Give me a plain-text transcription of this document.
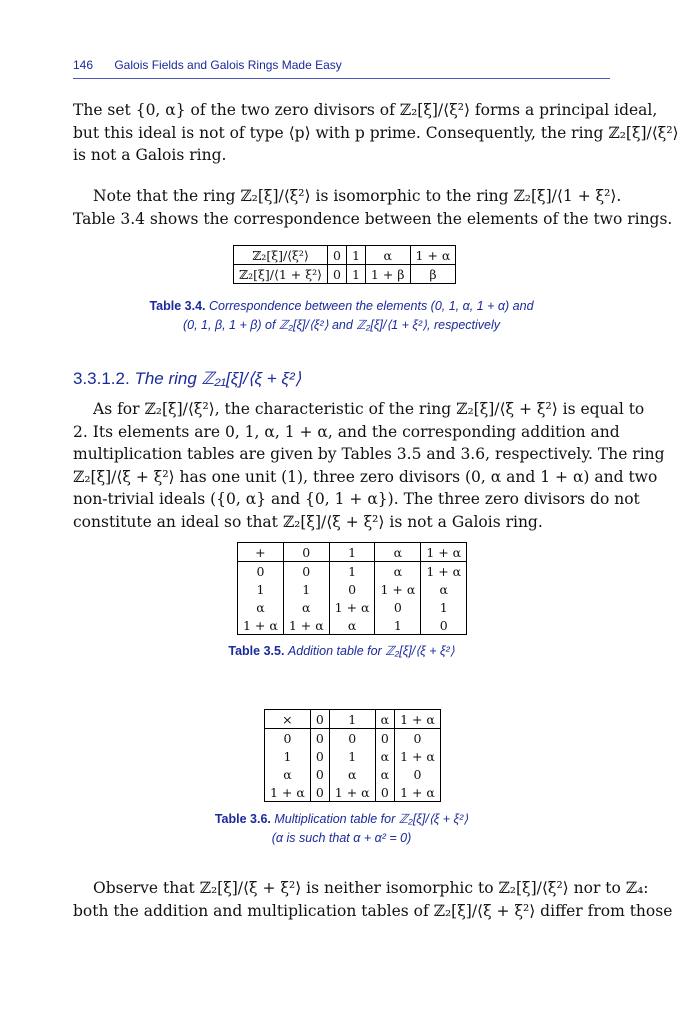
146 Galois Fields and Galois Rings Made Easy
The set {0, α} of the two zero divisors of ℤ₂[ξ]/⟨ξ²⟩ forms a principal ideal,
but this ideal is not of type ⟨p⟩ with p prime. Consequently, the ring ℤ₂[ξ]/⟨ξ²⟩
is not a Galois ring.
Note that the ring ℤ₂[ξ]/⟨ξ²⟩ is isomorphic to the ring ℤ₂[ξ]/⟨1 + ξ²⟩.
Table 3.4 shows the correspondence between the elements of the two rings.
ℤ₂[ξ]/⟨ξ²⟩	0	1	α	1 + α
ℤ₂[ξ]/⟨1 + ξ²⟩	0	1	1 + β	β
Table 3.4. Correspondence between the elements (0, 1, α, 1 + α) and
(0, 1, β, 1 + β) of ℤ₂[ξ]/⟨ξ²⟩ and ℤ₂[ξ]/⟨1 + ξ²⟩, respectively
3.3.1.2. The ring ℤ₂₁[ξ]/⟨ξ + ξ²⟩
As for ℤ₂[ξ]/⟨ξ²⟩, the characteristic of the ring ℤ₂[ξ]/⟨ξ + ξ²⟩ is equal to
2. Its elements are 0, 1, α, 1 + α, and the corresponding addition and
multiplication tables are given by Tables 3.5 and 3.6, respectively. The ring
ℤ₂[ξ]/⟨ξ + ξ²⟩ has one unit (1), three zero divisors (0, α and 1 + α) and two
non-trivial ideals ({0, α} and {0, 1 + α}). The three zero divisors do not
constitute an ideal so that ℤ₂[ξ]/⟨ξ + ξ²⟩ is not a Galois ring.
+	0	1	α	1 + α
0	0	1	α	1 + α
1	1	0	1 + α	α
α	α	1 + α	0	1
1 + α	1 + α	α	1	0
Table 3.5. Addition table for ℤ₂[ξ]/⟨ξ + ξ²⟩
×	0	1	α	1 + α
0	0	0	0	0
1	0	1	α	1 + α
α	0	α	α	0
1 + α	0	1 + α	0	1 + α
Table 3.6. Multiplication table for ℤ₂[ξ]/⟨ξ + ξ²⟩
(α is such that α + α² = 0)
Observe that ℤ₂[ξ]/⟨ξ + ξ²⟩ is neither isomorphic to ℤ₂[ξ]/⟨ξ²⟩ nor to ℤ₄:
both the addition and multiplication tables of ℤ₂[ξ]/⟨ξ + ξ²⟩ differ from those
